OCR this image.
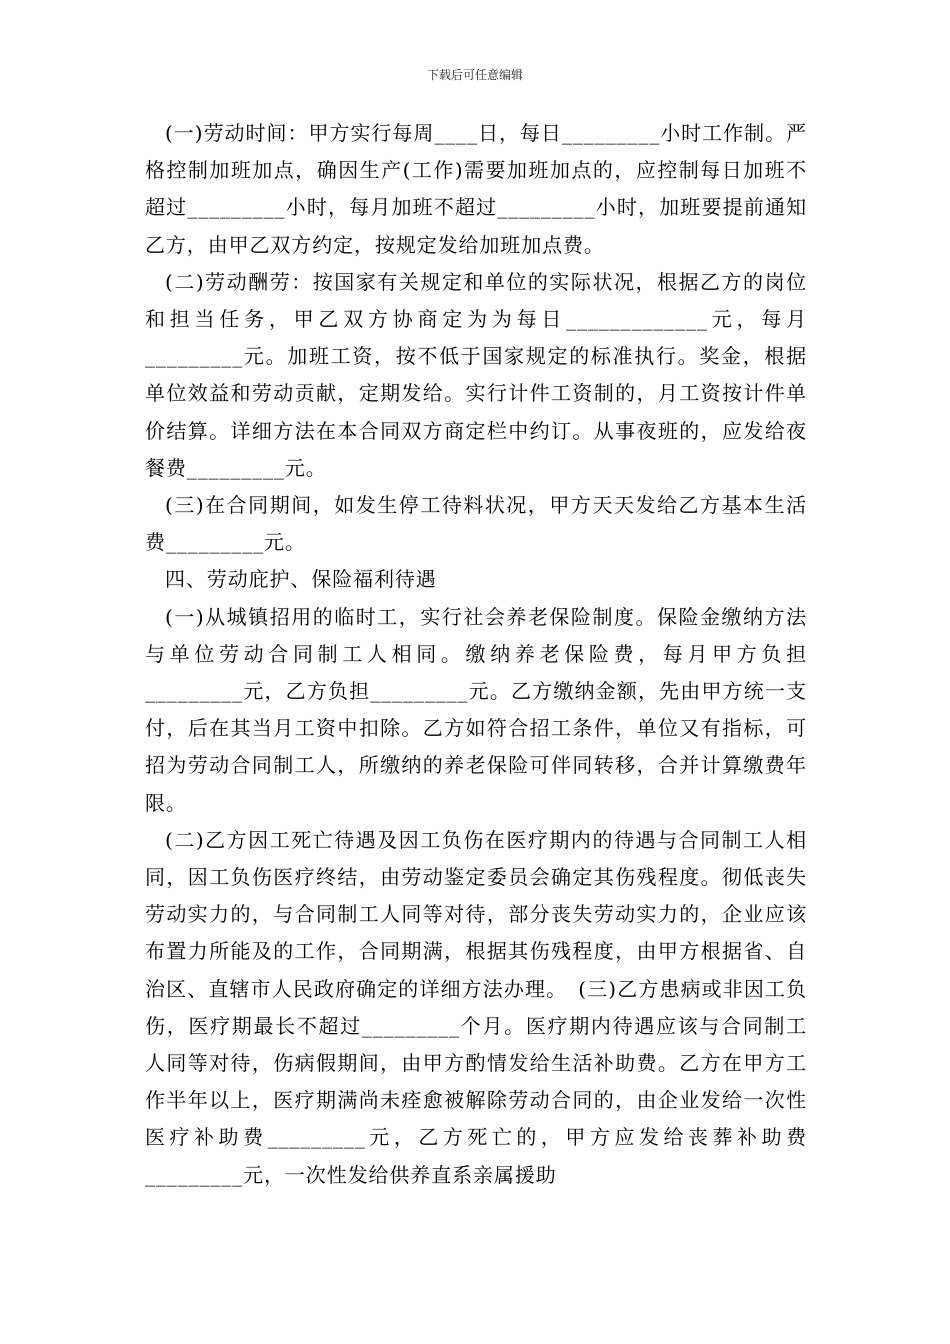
下载后可任意编辑

(一)劳动时间：甲方实行每周____日，每日_________小时工作制。严格控制加班加点，确因生产(工作)需要加班加点的，应控制每日加班不超过_________小时，每月加班不超过_________小时，加班要提前通知乙方，由甲乙双方约定，按规定发给加班加点费。

(二)劳动酬劳：按国家有关规定和单位的实际状况，根据乙方的岗位和担当任务，甲乙双方协商定为为每日_____________元，每月_________元。加班工资，按不低于国家规定的标准执行。奖金，根据单位效益和劳动贡献，定期发给。实行计件工资制的，月工资按计件单价结算。详细方法在本合同双方商定栏中约订。从事夜班的，应发给夜餐费_________元。

(三)在合同期间，如发生停工待料状况，甲方天天发给乙方基本生活费_________元。

四、劳动庇护、保险福利待遇

(一)从城镇招用的临时工，实行社会养老保险制度。保险金缴纳方法与单位劳动合同制工人相同。缴纳养老保险费，每月甲方负担_________元，乙方负担_________元。乙方缴纳金额，先由甲方统一支付，后在其当月工资中扣除。乙方如符合招工条件，单位又有指标，可招为劳动合同制工人，所缴纳的养老保险可伴同转移，合并计算缴费年限。

(二)乙方因工死亡待遇及因工负伤在医疗期内的待遇与合同制工人相同，因工负伤医疗终结，由劳动鉴定委员会确定其伤残程度。彻低丧失劳动实力的，与合同制工人同等对待，部分丧失劳动实力的，企业应该布置力所能及的工作，合同期满，根据其伤残程度，由甲方根据省、自治区、直辖市人民政府确定的详细方法办理。　(三)乙方患病或非因工负伤，医疗期最长不超过_________个月。医疗期内待遇应该与合同制工人同等对待，伤病假期间，由甲方酌情发给生活补助费。乙方在甲方工作半年以上，医疗期满尚未痊愈被解除劳动合同的，由企业发给一次性医疗补助费_________元，乙方死亡的，甲方应发给丧葬补助费_________元，一次性发给供养直系亲属援助
